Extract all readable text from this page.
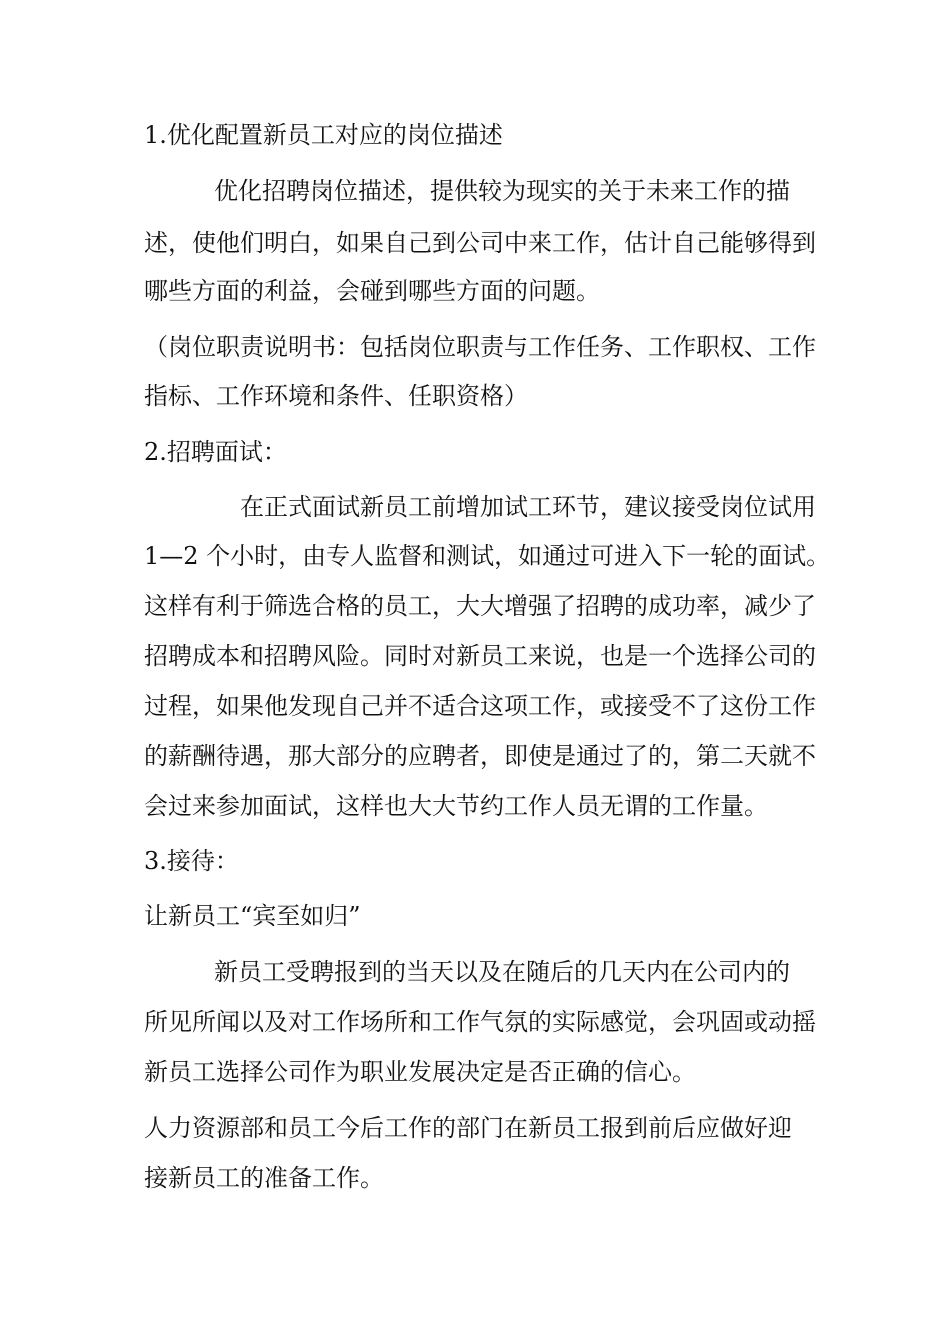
1.优化配置新员工对应的岗位描述

优化招聘岗位描述，提供较为现实的关于未来工作的描

述，使他们明白，如果自己到公司中来工作，估计自己能够得到

哪些方面的利益，会碰到哪些方面的问题。

（岗位职责说明书：包括岗位职责与工作任务、工作职权、工作

指标、工作环境和条件、任职资格）

2.招聘面试：

在正式面试新员工前增加试工环节，建议接受岗位试用

1—2 个小时，由专人监督和测试，如通过可进入下一轮的面试。

这样有利于筛选合格的员工，大大增强了招聘的成功率，减少了

招聘成本和招聘风险。同时对新员工来说，也是一个选择公司的

过程，如果他发现自己并不适合这项工作，或接受不了这份工作

的薪酬待遇，那大部分的应聘者，即使是通过了的，第二天就不

会过来参加面试，这样也大大节约工作人员无谓的工作量。

3.接待：

让新员工“宾至如归”

新员工受聘报到的当天以及在随后的几天内在公司内的

所见所闻以及对工作场所和工作气氛的实际感觉，会巩固或动摇

新员工选择公司作为职业发展决定是否正确的信心。

人力资源部和员工今后工作的部门在新员工报到前后应做好迎

接新员工的准备工作。
